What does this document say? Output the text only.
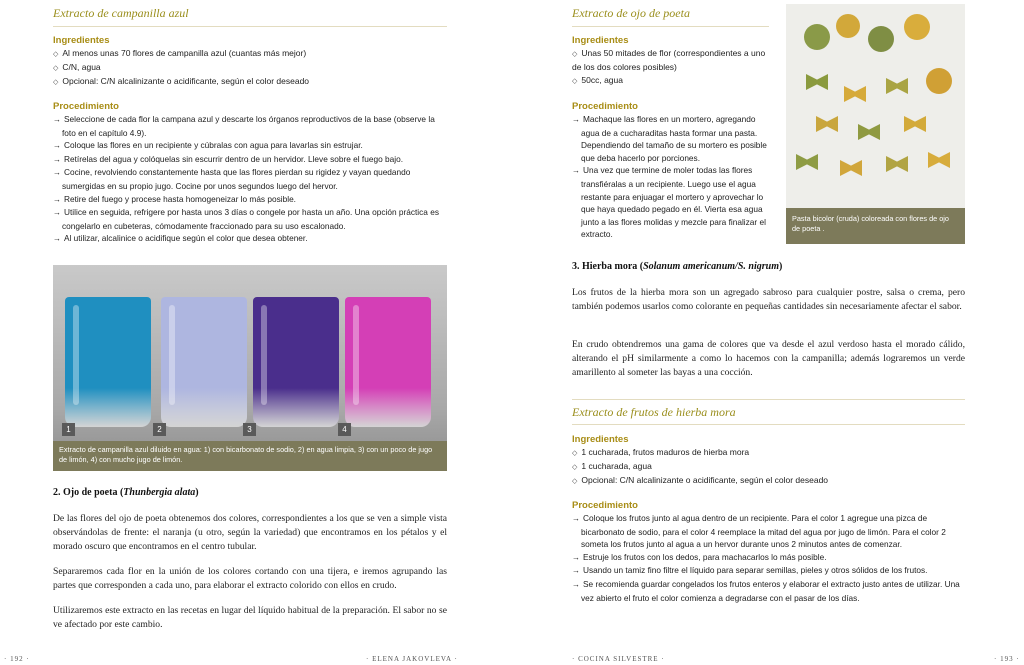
Extracto de campanilla azul
Ingredientes
◇ Al menos unas 70 flores de campanilla azul (cuantas más mejor)
◇ C/N, agua
◇ Opcional: C/N alcalinizante o acidificante, según el color deseado
Procedimiento
→ Seleccione de cada flor la campana azul y descarte los órganos reproductivos de la base (observe la foto en el capítulo 4.9).
→ Coloque las flores en un recipiente y cúbralas con agua para lavarlas sin estrujar.
→ Retírelas del agua y colóquelas sin escurrir dentro de un hervidor. Lleve sobre el fuego bajo.
→ Cocine, revolviendo constantemente hasta que las flores pierdan su rigidez y vayan quedando sumergidas en su propio jugo. Cocine por unos segundos luego del hervor.
→ Retire del fuego y procese hasta homogeneizar lo más posible.
→ Utilice en seguida, refrigere por hasta unos 3 días o congele por hasta un año. Una opción práctica es congelarlo en cubeteras, cómodamente fraccionado para su uso escalonado.
→ Al utilizar, alcalinice o acidifique según el color que desea obtener.
1	2	3	4
Extracto de campanilla azul diluido en agua: 1) con bicarbonato de sodio, 2) en agua limpia, 3) con un poco de jugo de limón, 4) con mucho jugo de limón.
2. Ojo de poeta (Thunbergia alata)

De las flores del ojo de poeta obtenemos dos colores, correspondientes a los que se ven a simple vista observándolas de frente: el naranja (u otro, según la variedad) que encontramos en los pétalos y el morado oscuro que encontramos en el centro tubular.

Separaremos cada flor en la unión de los colores cortando con una tijera, e iremos agrupando las partes que corresponden a cada uno, para elaborar el extracto colorido con ellos en crudo.

Utilizaremos este extracto en las recetas en lugar del líquido habitual de la preparación. El sabor no se ve afectado por este cambio.

· 192 ·	· ELENA JAKOVLEVA ·
Extracto de ojo de poeta
Ingredientes
◇ Unas 50 mitades de flor (correspondientes a uno de los dos colores posibles)
◇ 50cc, agua
Procedimiento
→ Machaque las flores en un mortero, agregando agua de a cucharaditas hasta formar una pasta. Dependiendo del tamaño de su mortero es posible que deba hacerlo por porciones.
→ Una vez que termine de moler todas las flores transfiéralas a un recipiente. Luego use el agua restante para enjuagar el mortero y aprovechar lo que haya quedado pegado en él. Vierta esa agua junto a las flores molidas y mezcle para finalizar el extracto.
Pasta bicolor (cruda) coloreada con flores de ojo de poeta .
3. Hierba mora (Solanum americanum/S. nigrum)

Los frutos de la hierba mora son un agregado sabroso para cualquier postre, salsa o crema, pero también podemos usarlos como colorante en pequeñas cantidades sin necesariamente afectar el sabor.

En crudo obtendremos una gama de colores que va desde el azul verdoso hasta el morado cálido, alterando el pH similarmente a como lo hacemos con la campanilla; además lograremos un verde amarillento al someter las bayas a una cocción.

Extracto de frutos de hierba mora
Ingredientes
◇ 1 cucharada, frutos maduros de hierba mora
◇ 1 cucharada, agua
◇ Opcional: C/N alcalinizante o acidificante, según el color deseado
Procedimiento
→ Coloque los frutos junto al agua dentro de un recipiente. Para el color 1 agregue una pizca de bicarbonato de sodio, para el color 4 reemplace la mitad del agua por jugo de limón. Para el color 2 someta los frutos junto al agua a un hervor durante unos 2 minutos antes de comenzar.
→ Estruje los frutos con los dedos, para machacarlos lo más posible.
→ Usando un tamiz fino filtre el líquido para separar semillas, pieles y otros sólidos de los frutos.
→ Se recomienda guardar congelados los frutos enteros y elaborar el extracto justo antes de utilizar. Una vez abierto el fruto el color comienza a degradarse con el pasar de los días.
· COCINA SILVESTRE ·	· 193 ·
